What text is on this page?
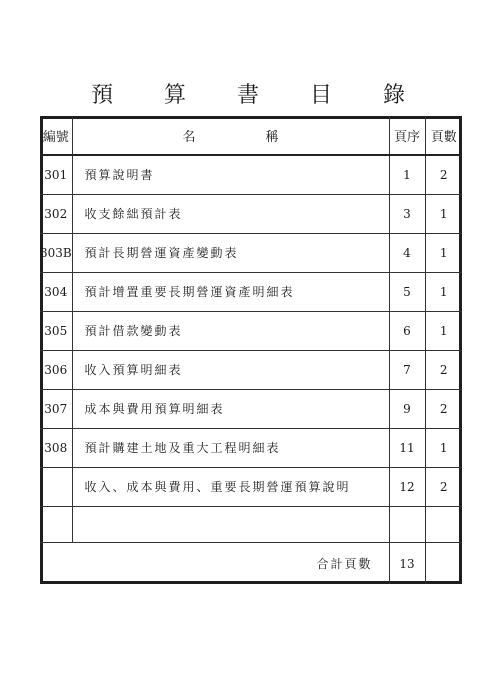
預 算 書 目 錄
編號	名稱	頁序	頁數
301	預算說明書	1	2
302	收支餘絀預計表	3	1
303B	預計長期營運資產變動表	4	1
304	預計增置重要長期營運資產明細表	5	1
305	預計借款變動表	6	1
306	收入預算明細表	7	2
307	成本與費用預算明細表	9	2
308	預計購建土地及重大工程明細表	11	1
	收入、成本與費用、重要長期營運預算說明	12	2

合計頁數		13	
